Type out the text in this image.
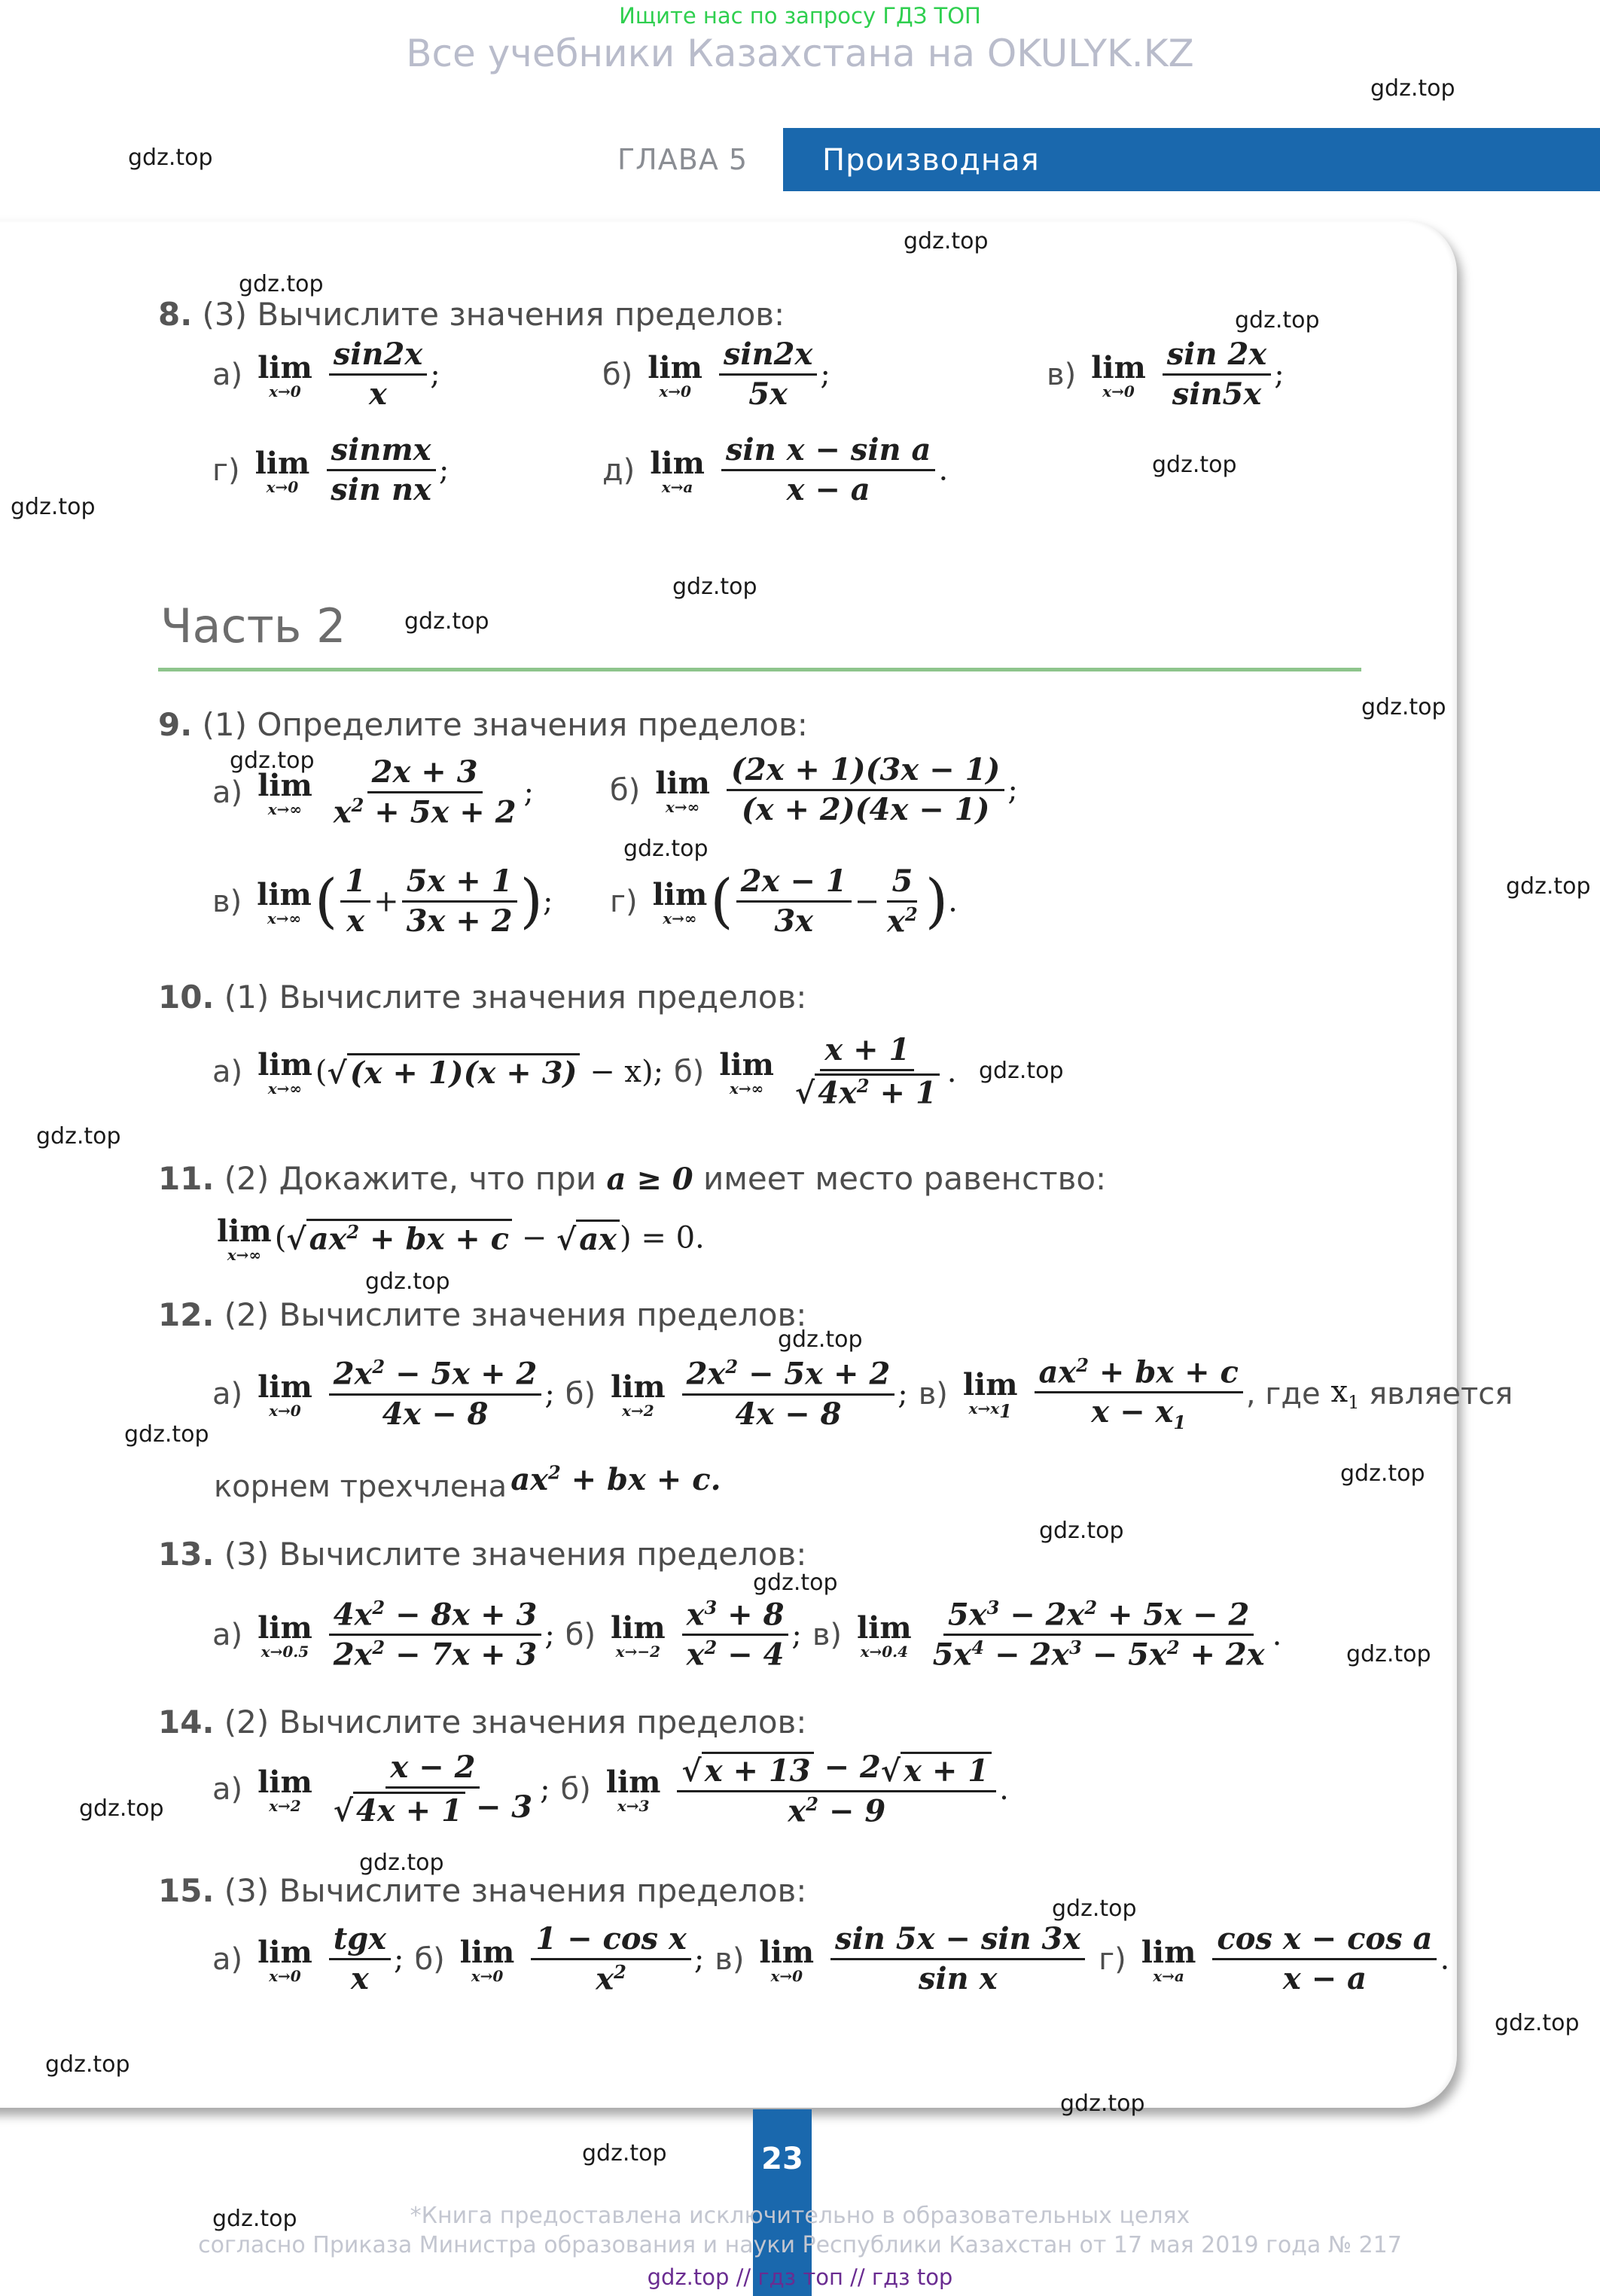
Ищите нас по запросу ГДЗ ТОП
Все учебники Казахстана на OKULYK.KZ
ГЛАВА 5 Производная
8. (3) Вычислите значения пределов:
а) lim
x→0
$\frac{\sin 2x}{x}$ ;	б) lim
x→0
$\frac{\sin 2x}{5x}$ ;	в) lim
x→0
$\frac{\sin 2x}{\sin 5x}$ ;
г) lim
x→0
$\frac{\text{sinmx}}{\text{sin nx}}$ ;	д) lim
x→a
$\frac{\text{sin x − sin a}}{x - a}$ .
Часть 2
9. (1) Определите значения пределов:
а) lim
x→∞
$\frac{2x + 3}{x^2 + 5x + 2}$ ;	б) lim
x→∞
$\frac{(2x + 1)(3x - 1)}{(x + 2)(4x - 1)}$ ;
в) lim
x→∞ ( $\frac{1}{x} + \frac{5x + 1}{3x + 2}$ ); г) lim
x→∞ ( $\frac{2x - 1}{3x} - \frac{5}{x^2}$ ).
10. (1) Вычислите значения пределов:
а) lim
x→∞ (√ (x + 1)(x + 3) − x); б) lim
x→∞
$\frac{x + 1}{√ 4x^2 + 1}$ .
11. (2) Докажите, что при a ≥ 0 имеет место равенство:
lim
x→∞ (√ $ax^2$ + bx + c − √ ax ) = 0.
12. (2) Вычислите значения пределов:
а) lim
x→0
$\frac{2x^2 - 5x + 2}{4x - 8}$ ; б) lim
x→2
$\frac{2x^2 - 5x + 2}{4x - 8}$ ; в) lim
$x\to x_1$
$\frac{ax^2 + bx + c}{x - x_1}$ , где $x_1$ является
корнем трехчлена $ax^2$ + bx + c.
13. (3) Вычислите значения пределов:
а) lim
x→0.5
$\frac{4x^2 - 8x + 3}{2x^2 - 7x + 3}$ ; б) lim
x→−2
$\frac{x^3 + 8}{x^2 - 4}$ ; в) lim
x→0.4
$\frac{5x^3 - 2x^2 + 5x - 2}{5x^4 - 2x^3 - 5x^2 + 2x}$ .
14. (2) Вычислите значения пределов:
а) lim
x→2
$\frac{x - 2}{√ 4x + 1 - 3}$ ; б) lim
x→3
$\frac{√ x + 13 - 2√ x + 1}{x^2 - 9}$ .
15. (3) Вычислите значения пределов:
а) lim
x→0
$\frac{\text{tgx}}{x}$ ; б) lim
x→0
$\frac{\text{1 − cos x}}{x^2}$ ; в) lim
x→0
$\frac{\sin 5x - \sin 3x}{\text{sin x}} г$) lim
x→a
$\frac{\text{cos x − cos a}}{x - a}$ .
gdz.top
gdz.top
gdz.top
gdz.top
gdz.top
gdz.top
gdz.top
gdz.top
gdz.top
gdz.top
gdz.top
gdz.top
gdz.top
gdz.top
gdz.top
gdz.top
gdz.top
gdz.top
gdz.top
gdz.top
gdz.top
gdz.top
gdz.top
gdz.top
gdz.top
gdz.top
gdz.top
gdz.top
gdz.top
gdz.top
23
*Книга предоставлена исключительно в образовательных целях
согласно Приказа Министра образования и науки Республики Казахстан от 17 мая 2019 года № 217
gdz.top // гдз топ // гдз top
